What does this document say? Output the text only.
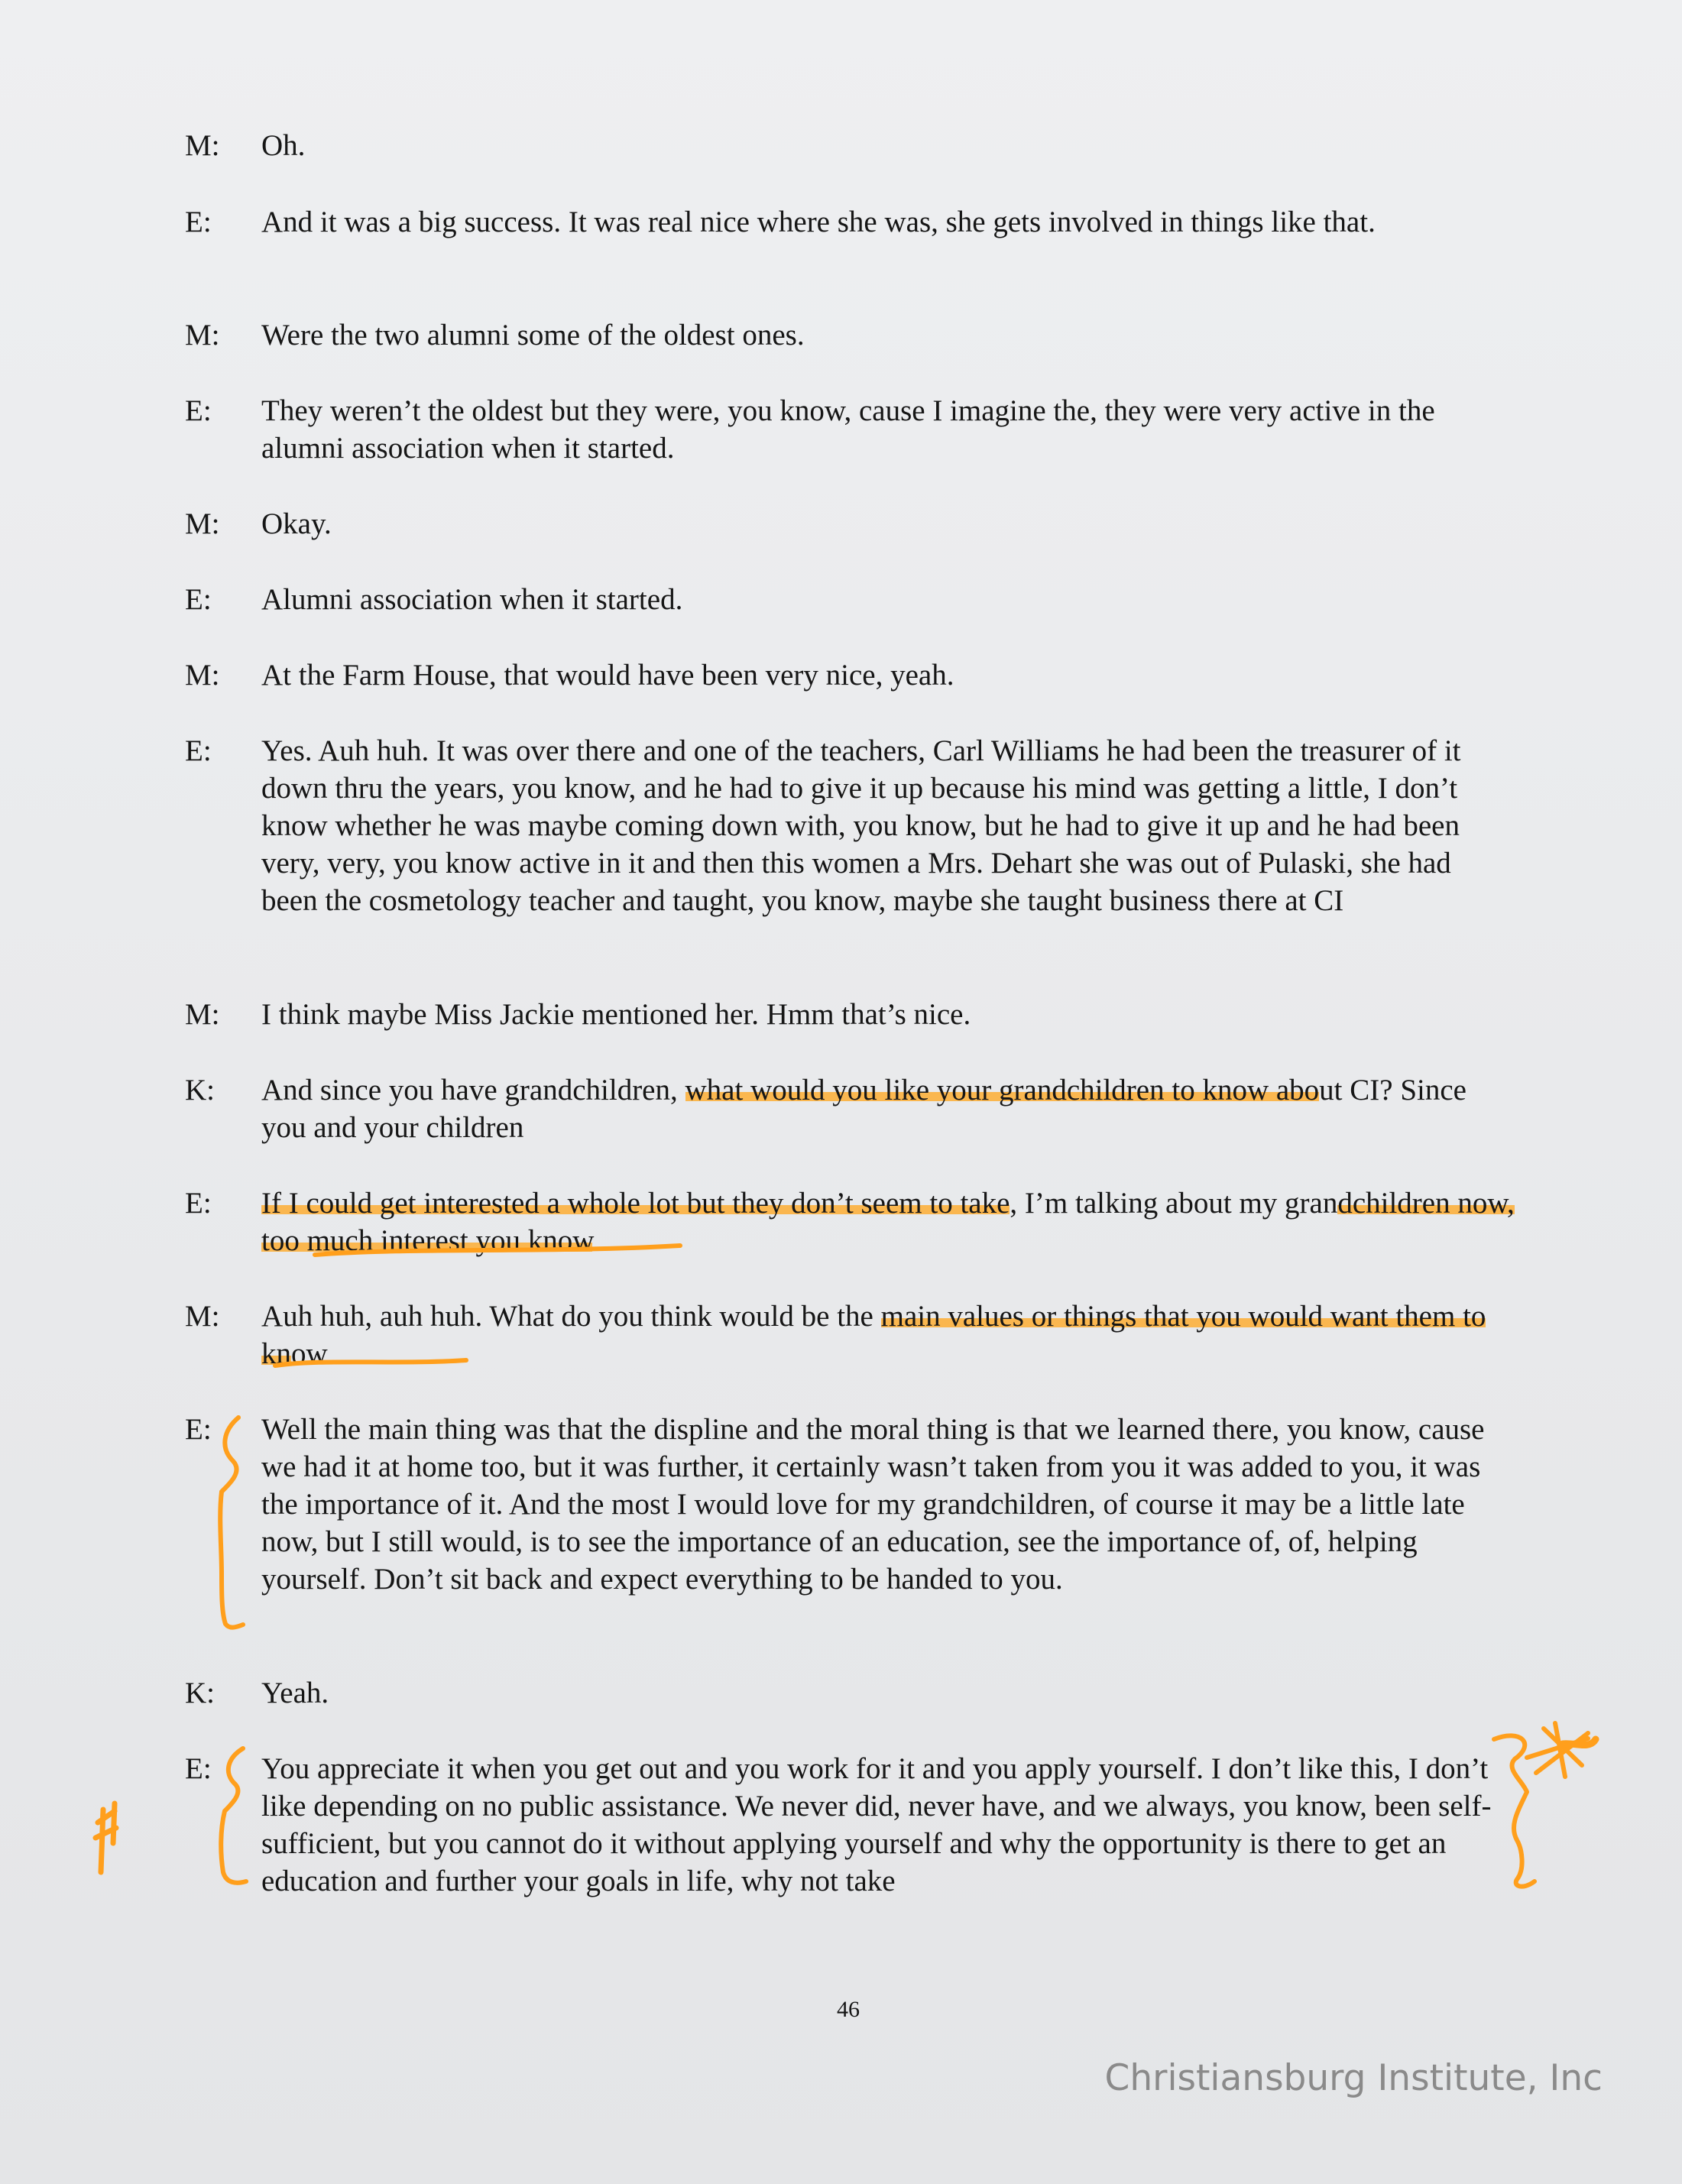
M: Oh.
E: And it was a big success. It was real nice where she was, she gets involved in things like that.
M: Were the two alumni some of the oldest ones.
E: They weren’t the oldest but they were, you know, cause I imagine the, they were very active in the alumni association when it started.
M: Okay.
E: Alumni association when it started.
M: At the Farm House, that would have been very nice, yeah.
E: Yes. Auh huh. It was over there and one of the teachers, Carl Williams he had been the treasurer of it down thru the years, you know, and he had to give it up because his mind was getting a little, I don’t know whether he was maybe coming down with, you know, but he had to give it up and he had been very, very, you know active in it and then this women a Mrs. Dehart she was out of Pulaski, she had been the cosmetology teacher and taught, you know, maybe she taught business there at CI
M: I think maybe Miss Jackie mentioned her. Hmm that’s nice.
K: And since you have grandchildren, what would you like your grandchildren to know about CI? Since you and your children
E: If I could get interested a whole lot but they don’t seem to take, I’m talking about my grandchildren now, too much interest you know.
M: Auh huh, auh huh. What do you think would be the main values or things that you would want them to know.
E: Well the main thing was that the displine and the moral thing is that we learned there, you know, cause we had it at home too, but it was further, it certainly wasn’t taken from you it was added to you, it was the importance of it. And the most I would love for my grandchildren, of course it may be a little late now, but I still would, is to see the importance of an education, see the importance of, of, helping yourself. Don’t sit back and expect everything to be handed to you.
K: Yeah.
E: You appreciate it when you get out and you work for it and you apply yourself. I don’t like this, I don’t like depending on no public assistance. We never did, never have, and we always, you know, been self-sufficient, but you cannot do it without applying yourself and why the opportunity is there to get an education and further your goals in life, why not take
46
Christiansburg Institute, Inc
